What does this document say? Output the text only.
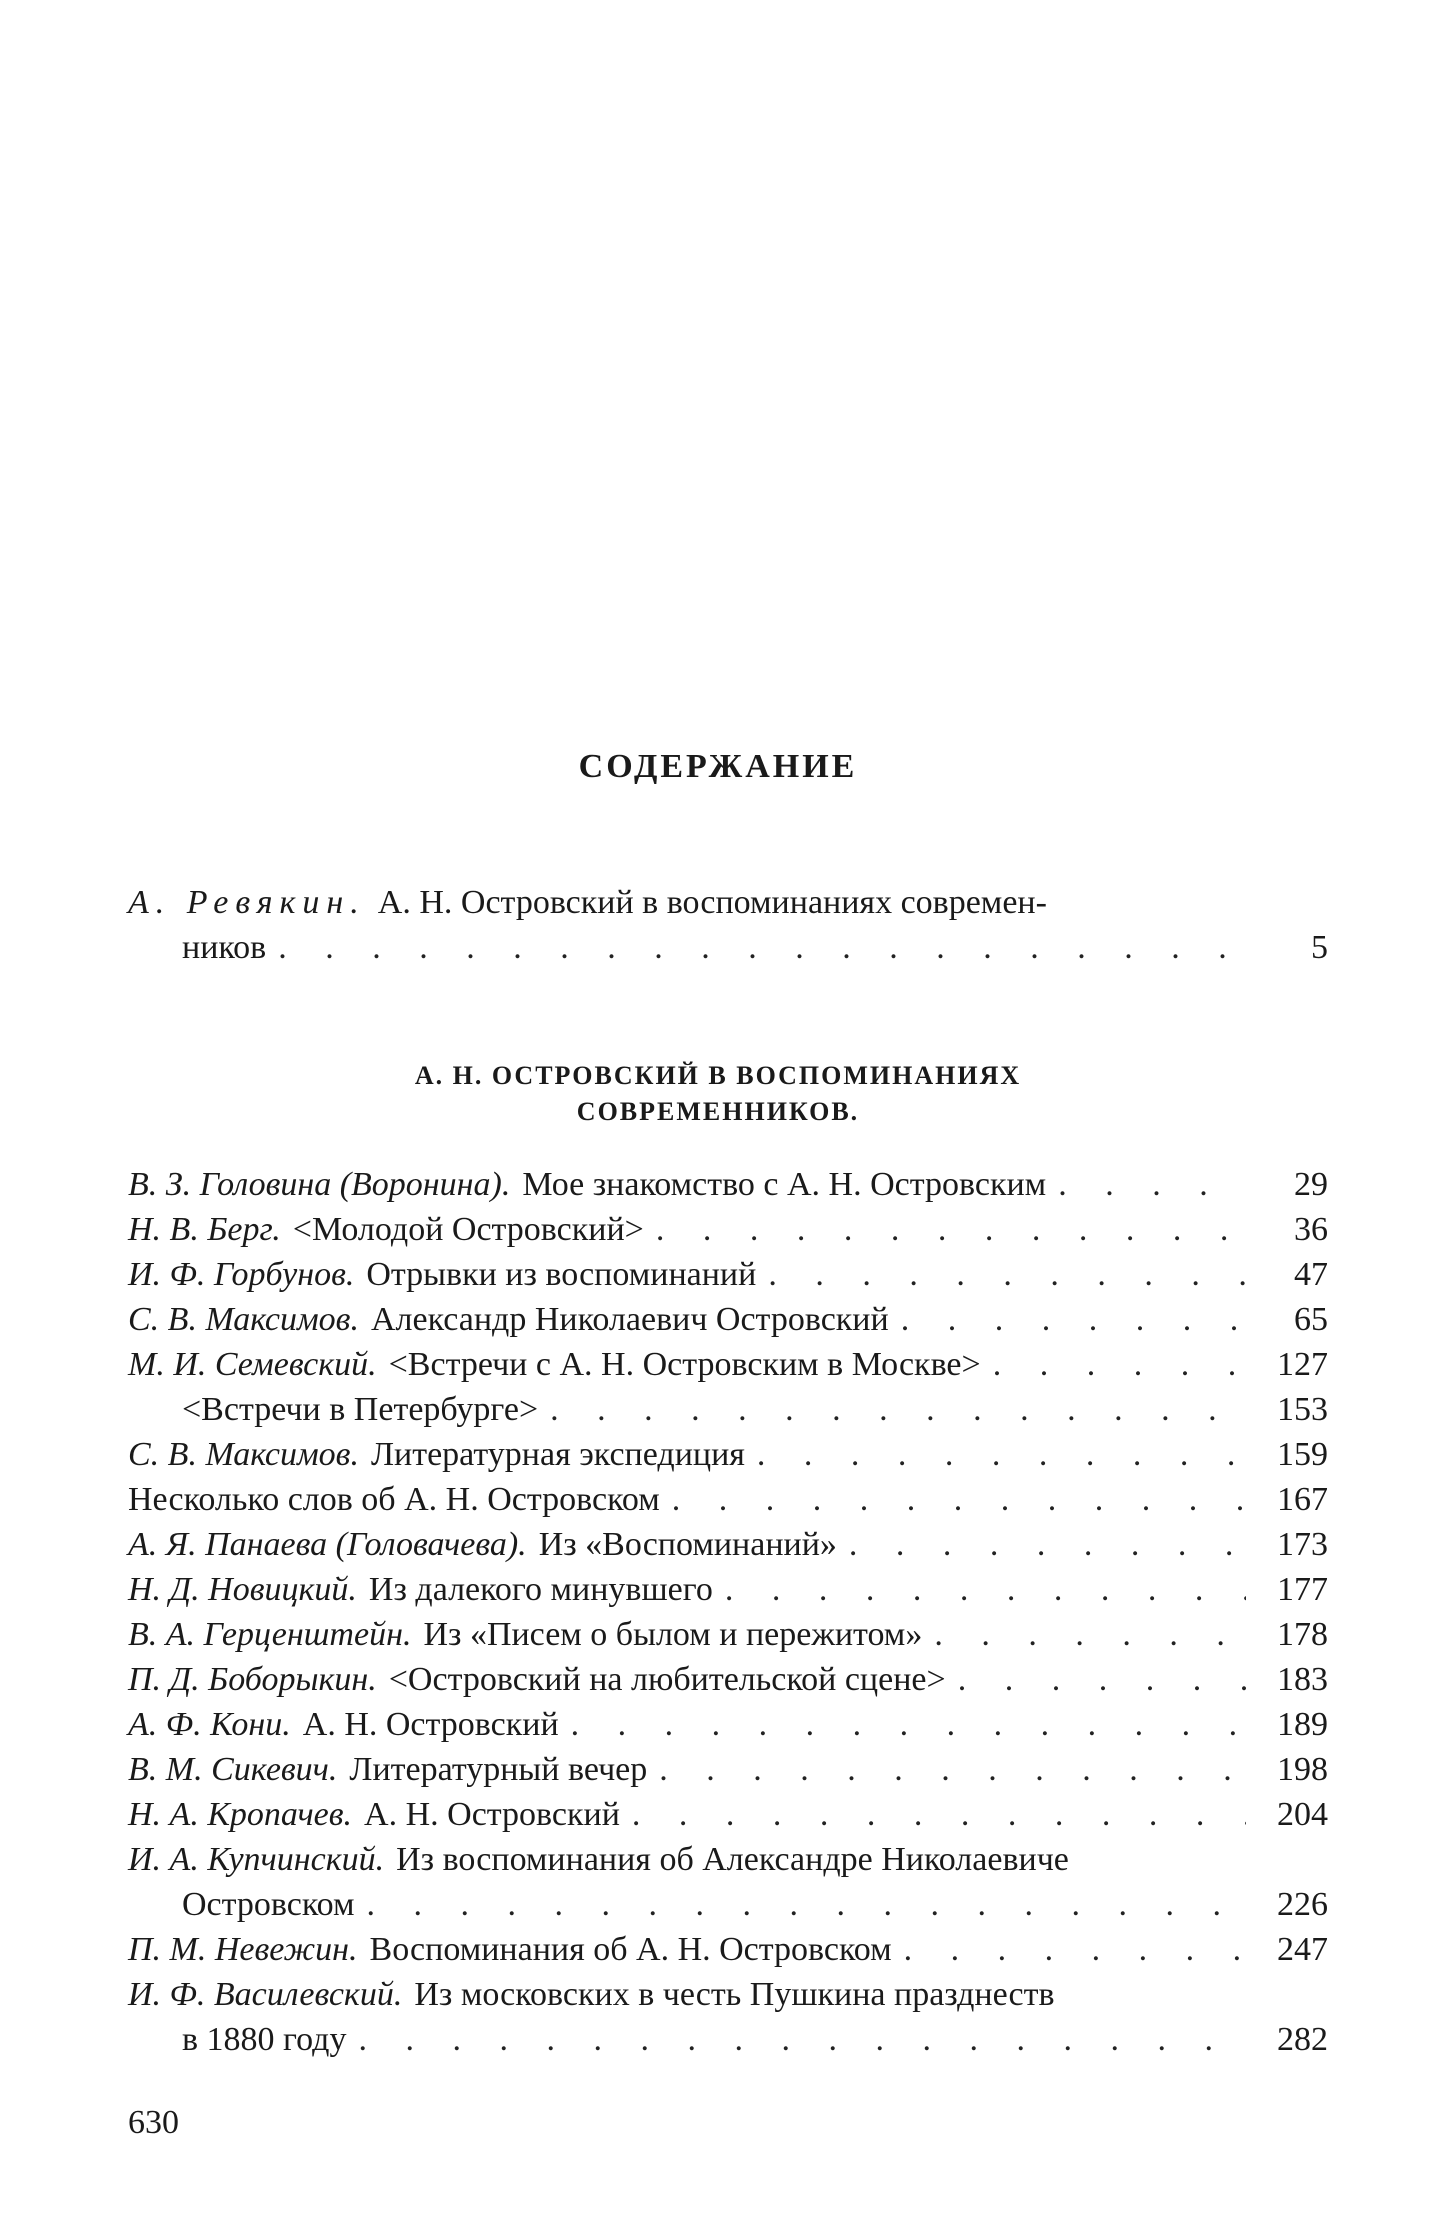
СОДЕРЖАНИЕ
А. Ревякин. А. Н. Островский в воспоминаниях современ-
ников . . .	5
А. Н. ОСТРОВСКИЙ В ВОСПОМИНАНИЯХ
СОВРЕМЕННИКОВ.
В. З. Головина (Воронина). Мое знакомство с А. Н. Островским . . .	29
Н. В. Берг. <Молодой Островский> . . .	36
И. Ф. Горбунов. Отрывки из воспоминаний . . .	47
С. В. Максимов. Александр Николаевич Островский . . .	65
М. И. Семевский. <Встречи с А. Н. Островским в Москве> . . .	127
<Встречи в Петербурге> . . .	153
С. В. Максимов. Литературная экспедиция . . .	159
Несколько слов об А. Н. Островском . . .	167
А. Я. Панаева (Головачева). Из «Воспоминаний» . . .	173
Н. Д. Новицкий. Из далекого минувшего . . .	177
В. А. Герценштейн. Из «Писем о былом и пережитом» . . .	178
П. Д. Боборыкин. <Островский на любительской сцене> . . .	183
А. Ф. Кони. А. Н. Островский . . .	189
В. М. Сикевич. Литературный вечер . . .	198
Н. А. Кропачев. А. Н. Островский . . .	204
И. А. Купчинский. Из воспоминания об Александре Николаевиче
Островском . . .	226
П. М. Невежин. Воспоминания об А. Н. Островском . . .	247
И. Ф. Василевский. Из московских в честь Пушкина празднеств
в 1880 году . . .	282
630
